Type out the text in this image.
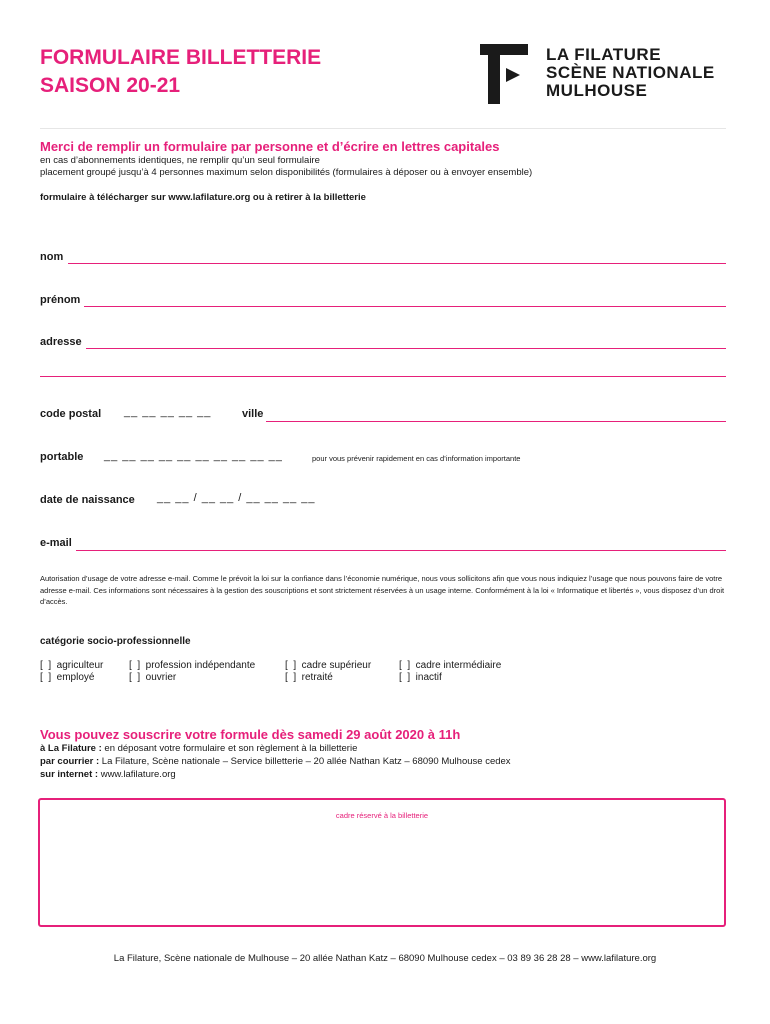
FORMULAIRE BILLETTERIE
SAISON 20-21
LA FILATURE
SCÈNE NATIONALE
MULHOUSE
Merci de remplir un formulaire par personne et d’écrire en lettres capitales
en cas d’abonnements identiques, ne remplir qu’un seul formulaire
placement groupé jusqu’à 4 personnes maximum selon disponibilités (formulaires à déposer ou à envoyer ensemble)
formulaire à télécharger sur www.lafilature.org ou à retirer à la billetterie
nom
prénom
adresse
code postal __ __ __ __ __	ville
portable __ __ __ __ __ __ __ __ __ __	pour vous prévenir rapidement en cas d’information importante
date de naissance __ __ / __ __ / __ __ __ __
e-mail
Autorisation d’usage de votre adresse e-mail. Comme le prévoit la loi sur la confiance dans l’économie numérique, nous vous sollicitons afin que vous nous indiquiez l’usage que nous pouvons faire de votre adresse e-mail. Ces informations sont nécessaires à la gestion des souscriptions et sont strictement réservées à un usage interne. Conformément à la loi « Informatique et libertés », vous disposez d’un droit d’accès.
catégorie socio-professionnelle
[  ]  agriculteur
[  ]  employé
[  ]  profession indépendante
[  ]  ouvrier
[  ]  cadre supérieur
[  ]  retraité
[  ]  cadre intermédiaire
[  ]  inactif
Vous pouvez souscrire votre formule dès samedi 29 août 2020 à 11h
à La Filature : en déposant votre formulaire et son règlement à la billetterie
par courrier : La Filature, Scène nationale – Service billetterie – 20 allée Nathan Katz – 68090 Mulhouse cedex
sur internet : www.lafilature.org
cadre réservé à la billetterie
La Filature, Scène nationale de Mulhouse – 20 allée Nathan Katz – 68090 Mulhouse cedex – 03 89 36 28 28 – www.lafilature.org
